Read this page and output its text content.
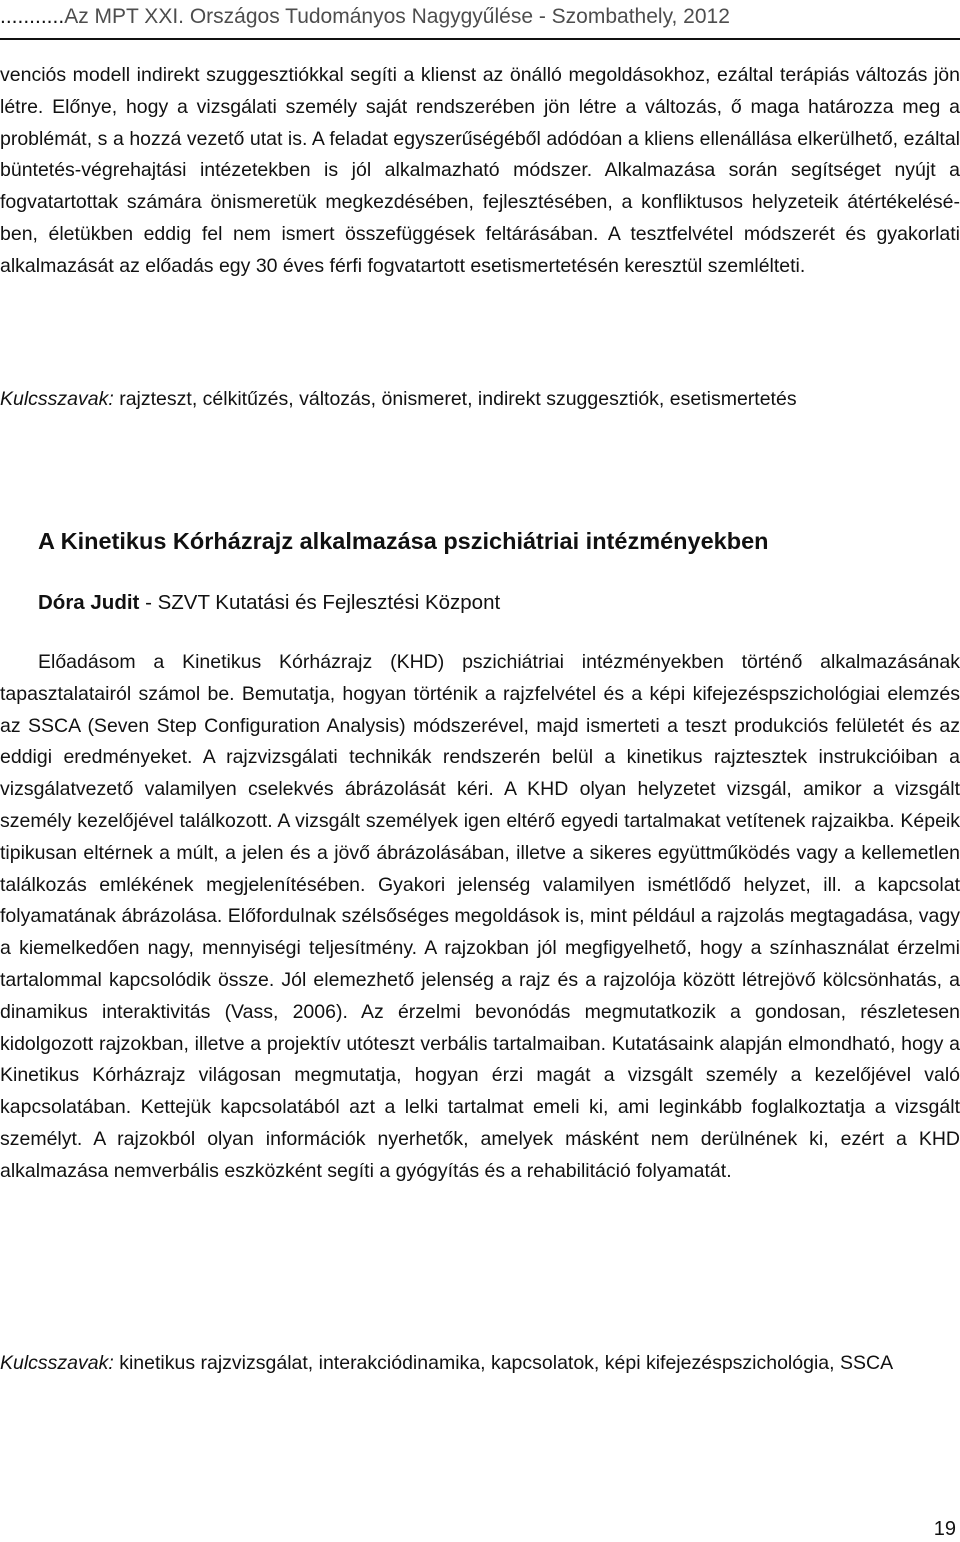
...........Az MPT XXI. Országos Tudományos Nagygyűlése - Szombathely, 2012

venciós modell indirekt szuggesztiókkal segíti a klienst az önálló megoldásokhoz, ezáltal terápiás változás jön létre. Előnye, hogy a vizsgálati személy saját rendszerében jön létre a változás, ő maga határozza meg a problémát, s a hozzá vezető utat is. A feladat egyszerűségéből adódóan a kliens ellenállása elkerülhető, ezáltal büntetés-végrehajtási intézetekben is jól alkalmazható módszer. Alkalmazása során segítséget nyújt a fogvatartottak számára önismeretük megkezdésében, fejlesztésében, a konfliktusos helyzeteik átértékelésében, életükben eddig fel nem ismert összefüggések feltárásában. A tesztfelvétel módszerét és gyakorlati alkalmazását az előadás egy 30 éves férfi fogvatartott esetismertetésén keresztül szemlélteti.

Kulcsszavak: rajzteszt, célkitűzés, változás, önismeret, indirekt szuggesztiók, esetismertetés

A Kinetikus Kórházrajz alkalmazása pszichiátriai intézményekben
Dóra Judit - SZVT Kutatási és Fejlesztési Központ

Előadásom a Kinetikus Kórházrajz (KHD) pszichiátriai intézményekben történő alkalmazásának tapasztalatairól számol be. Bemutatja, hogyan történik a rajzfelvétel és a képi kifejezéspszichológiai elemzés az SSCA (Seven Step Configuration Analysis) módszerével, majd ismerteti a teszt produkciós felületét és az eddigi eredményeket. A rajzvizsgálati technikák rendszerén belül a kinetikus rajztesztek instrukcióiban a vizsgálatvezető valamilyen cselekvés ábrázolását kéri. A KHD olyan helyzetet vizsgál, amikor a vizsgált személy kezelőjével találkozott. A vizsgált személyek igen eltérő egyedi tartalmakat vetítenek rajzaikba. Képeik tipikusan eltérnek a múlt, a jelen és a jövő ábrázolásában, illetve a sikeres együttműködés vagy a kellemetlen találkozás emlékének megjelenítésében. Gyakori jelenség valamilyen ismétlődő helyzet, ill. a kapcsolat folyamatának ábrázolása. Előfordulnak szélsőséges megoldások is, mint például a rajzolás megtagadása, vagy a kiemelkedően nagy, mennyiségi teljesítmény. A rajzokban jól megfigyelhető, hogy a színhasználat érzelmi tartalommal kapcsolódik össze. Jól elemezhető jelenség a rajz és a rajzolója között létrejövő kölcsönhatás, a dinamikus interaktivitás (Vass, 2006). Az érzelmi bevonódás megmutatkozik a gondosan, részletesen kidolgozott rajzokban, illetve a projektív utóteszt verbális tartalmaiban. Kutatásaink alapján elmondható, hogy a Kinetikus Kórházrajz világosan megmutatja, hogyan érzi magát a vizsgált személy a kezelőjével való kapcsolatában. Kettejük kapcsolatából azt a lelki tartalmat emeli ki, ami leginkább foglalkoztatja a vizsgált személyt. A rajzokból olyan információk nyerhetők, amelyek másként nem derülnének ki, ezért a KHD alkalmazása nemverbális eszközként segíti a gyógyítás és a rehabilitáció folyamatát.

Kulcsszavak: kinetikus rajzvizsgálat, interakciódinamika, kapcsolatok, képi kifejezéspszichológia, SSCA

19
